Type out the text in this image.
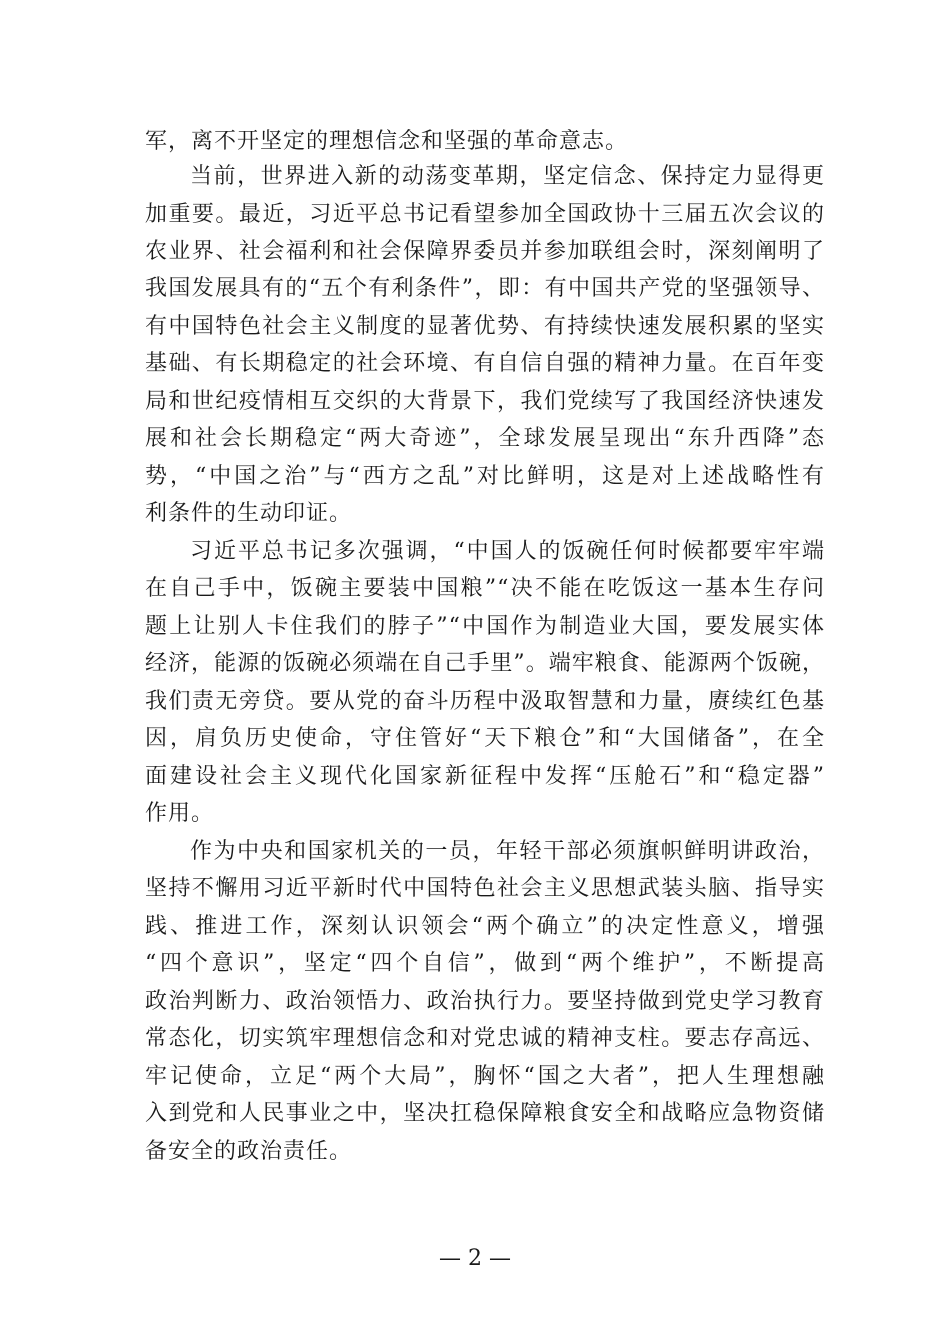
军，离不开坚定的理想信念和坚强的革命意志。
当前，世界进入新的动荡变革期，坚定信念、保持定力显得更
加重要。最近，习近平总书记看望参加全国政协十三届五次会议的
农业界、社会福利和社会保障界委员并参加联组会时，深刻阐明了
我国发展具有的“五个有利条件”，即：有中国共产党的坚强领导、
有中国特色社会主义制度的显著优势、有持续快速发展积累的坚实
基础、有长期稳定的社会环境、有自信自强的精神力量。在百年变
局和世纪疫情相互交织的大背景下，我们党续写了我国经济快速发
展和社会长期稳定“两大奇迹”，全球发展呈现出“东升西降”态
势，“中国之治”与“西方之乱”对比鲜明，这是对上述战略性有
利条件的生动印证。
习近平总书记多次强调，“中国人的饭碗任何时候都要牢牢端
在自己手中，饭碗主要装中国粮”“决不能在吃饭这一基本生存问
题上让别人卡住我们的脖子”“中国作为制造业大国，要发展实体
经济，能源的饭碗必须端在自己手里”。端牢粮食、能源两个饭碗，
我们责无旁贷。要从党的奋斗历程中汲取智慧和力量，赓续红色基
因，肩负历史使命，守住管好“天下粮仓”和“大国储备”，在全
面建设社会主义现代化国家新征程中发挥“压舱石”和“稳定器”
作用。
作为中央和国家机关的一员，年轻干部必须旗帜鲜明讲政治，
坚持不懈用习近平新时代中国特色社会主义思想武装头脑、指导实
践、推进工作，深刻认识领会“两个确立”的决定性意义，增强
“四个意识”，坚定“四个自信”，做到“两个维护”，不断提高
政治判断力、政治领悟力、政治执行力。要坚持做到党史学习教育
常态化，切实筑牢理想信念和对党忠诚的精神支柱。要志存高远、
牢记使命，立足“两个大局”，胸怀“国之大者”，把人生理想融
入到党和人民事业之中，坚决扛稳保障粮食安全和战略应急物资储
备安全的政治责任。
— 2 —
